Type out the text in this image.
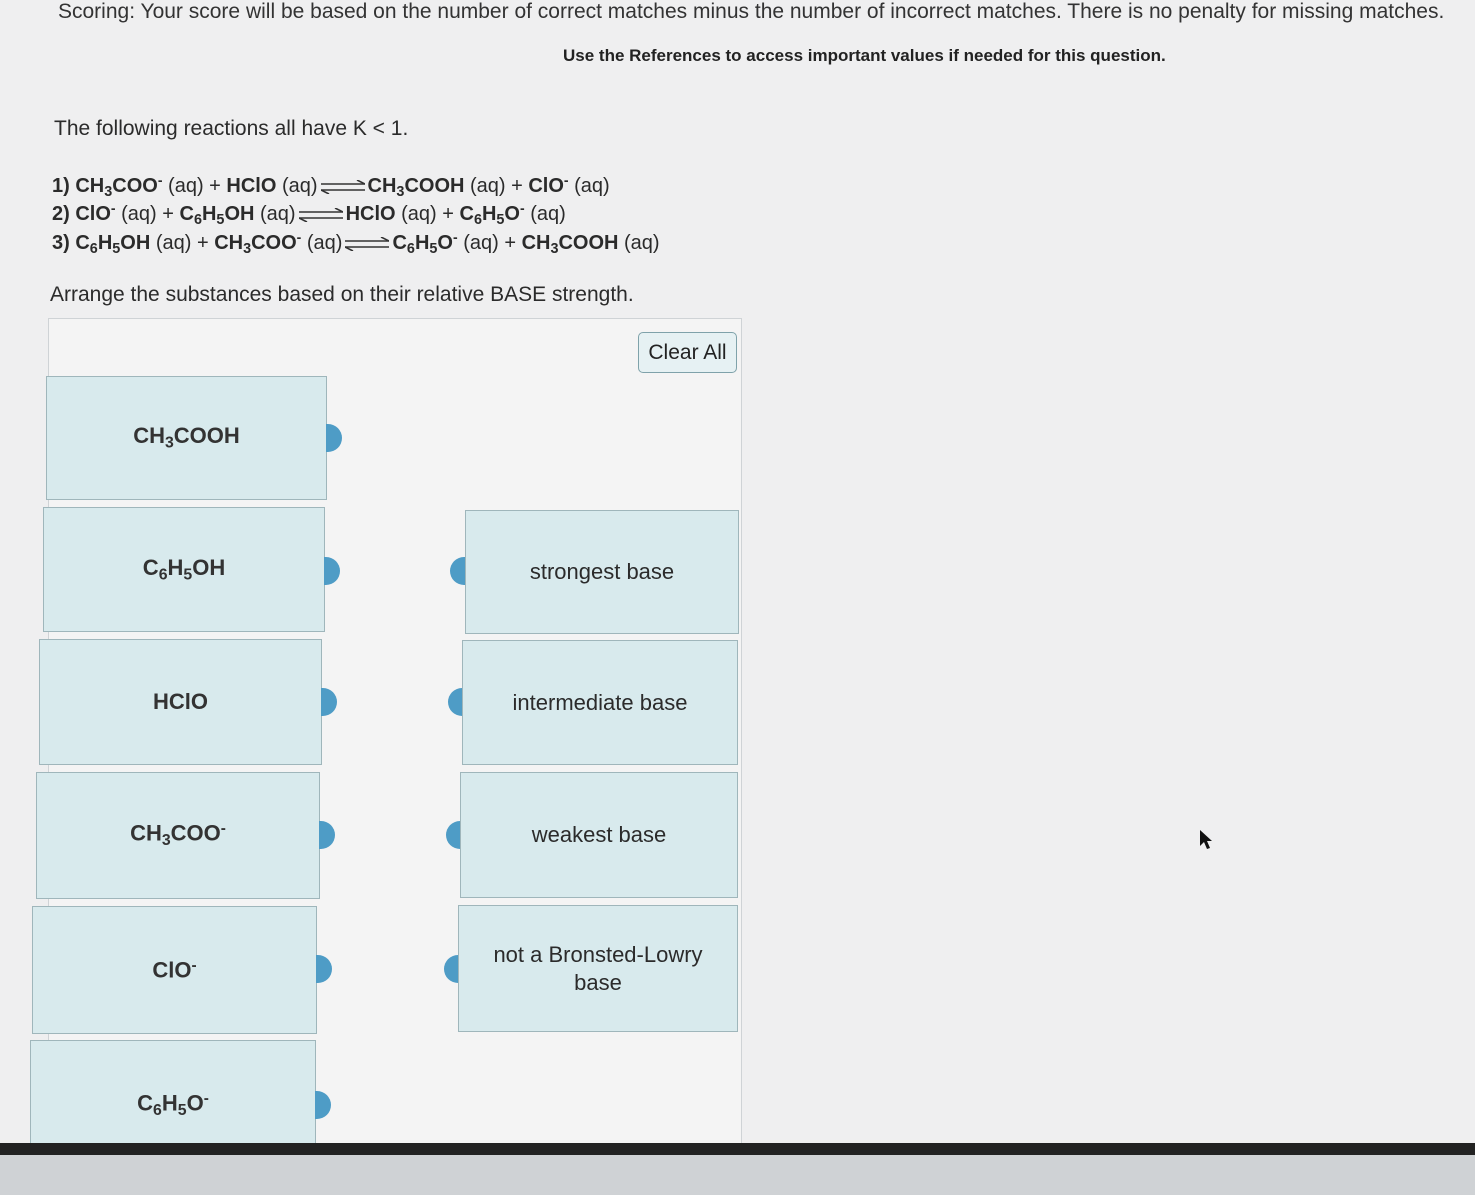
Scoring: Your score will be based on the number of correct matches minus the number of incorrect matches. There is no penalty for missing matches.
Use the References to access important values if needed for this question.
The following reactions all have K < 1.
1) $CH_3COO^-$ (aq) + HClO (aq) ⇌ $CH_3COOH$ (aq) + ClO- (aq)
2) ClO- $(aq) + C_6H_5OH$ (aq) ⇌ HClO $(aq) + C_6H_5O^-$ (aq)
3) $C_6H_5OH$ $(aq) + CH_3COO^-$ (aq) ⇌ $C_6H_5O^-$ $(aq) + CH_3COOH$ (aq)
Arrange the substances based on their relative BASE strength.
Clear All
$CH_3COOH$
$C_6H_5OH$
HClO
$CH_3COO^-$
ClO-
$C_6H_5O^-$
strongest base
intermediate base
weakest base
not a Bronsted-Lowry base
